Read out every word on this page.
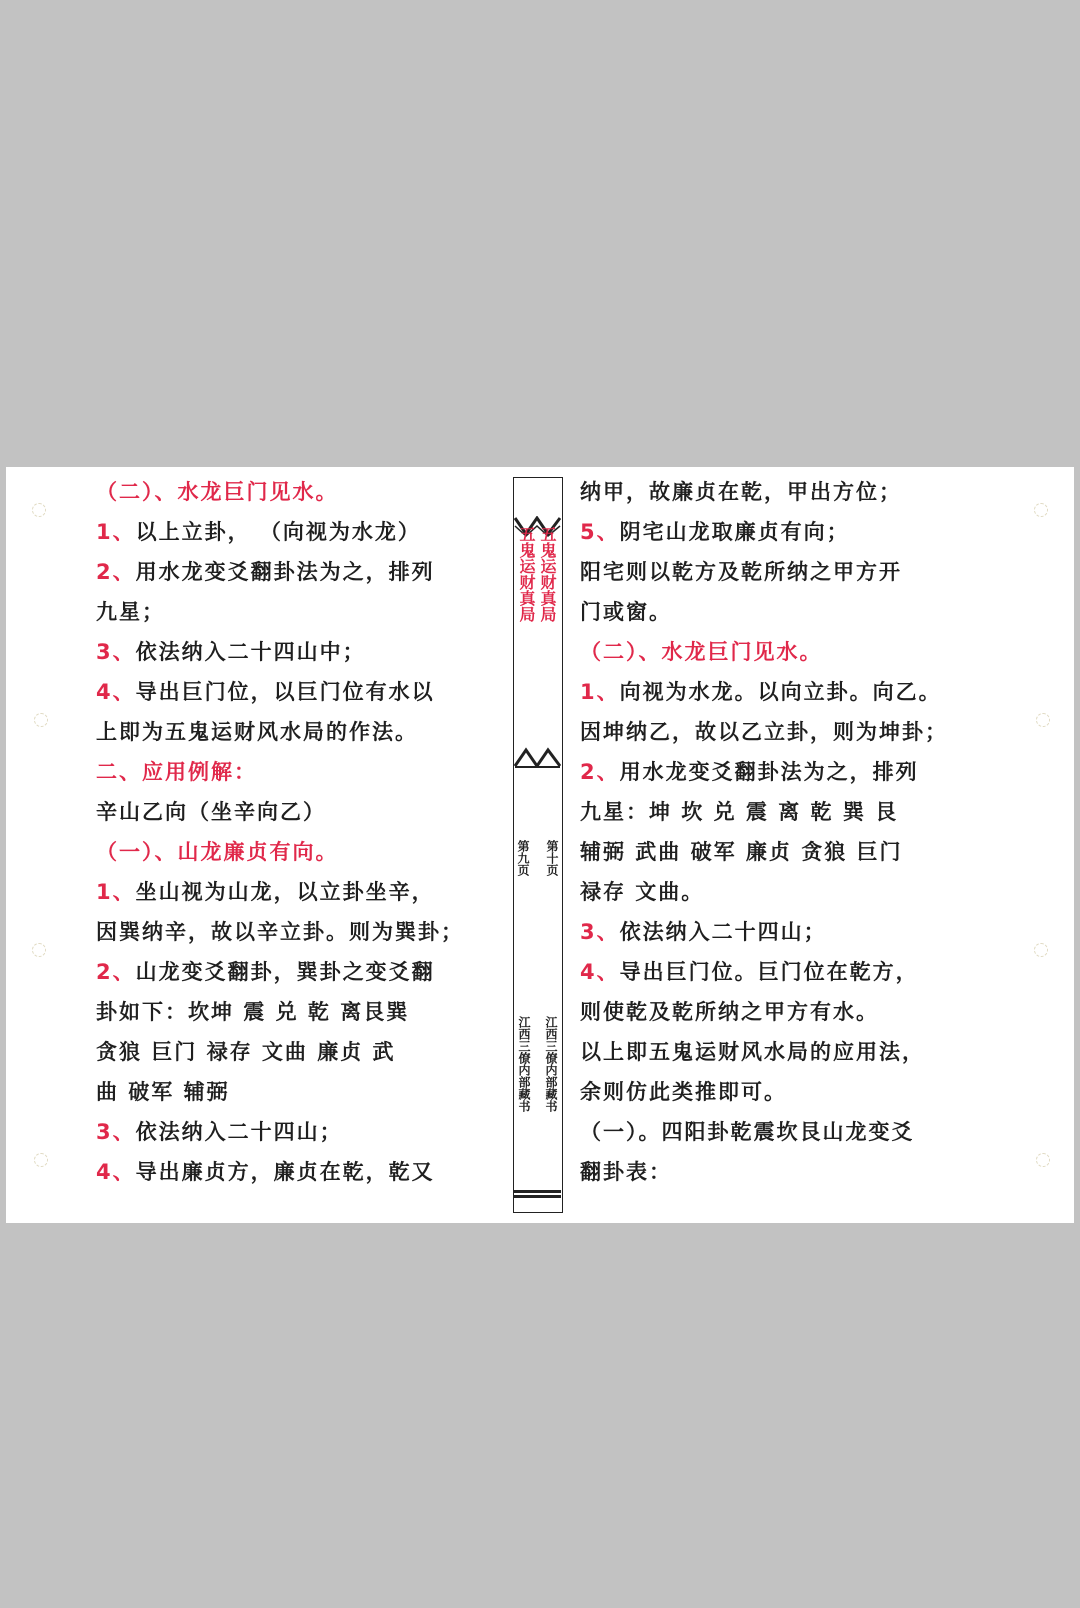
（二）、水龙巨门见水。
1、以上立卦， （向视为水龙）
2、用水龙变爻翻卦法为之，排列
九星；
3、依法纳入二十四山中；
4、导出巨门位，以巨门位有水以
上即为五鬼运财风水局的作法。
二、应用例解：
辛山乙向（坐辛向乙）
（一）、山龙廉贞有向。
1、坐山视为山龙，以立卦坐辛，
因巽纳辛，故以辛立卦。则为巽卦；
2、山龙变爻翻卦，巽卦之变爻翻
卦如下：坎坤 震 兑 乾 离艮巽
贪狼 巨门 禄存 文曲 廉贞 武
曲 破军 辅弼
3、依法纳入二十四山；
4、导出廉贞方，廉贞在乾，乾又
纳甲，故廉贞在乾，甲出方位；
5、阴宅山龙取廉贞有向；
阳宅则以乾方及乾所纳之甲方开
门或窗。
（二）、水龙巨门见水。
1、向视为水龙。以向立卦。向乙。
因坤纳乙，故以乙立卦，则为坤卦；
2、用水龙变爻翻卦法为之，排列
九星：坤 坎 兑 震 离 乾 巽 艮
辅弼 武曲 破军 廉贞 贪狼 巨门
禄存 文曲。
3、依法纳入二十四山；
4、导出巨门位。巨门位在乾方，
则使乾及乾所纳之甲方有水。
以上即五鬼运财风水局的应用法，
余则仿此类推即可。
（一）。四阳卦乾震坎艮山龙变爻
翻卦表：
五鬼运财真局
五鬼运财真局
第十页
第九页
江西三僚内部藏书
江西三僚内部藏书
